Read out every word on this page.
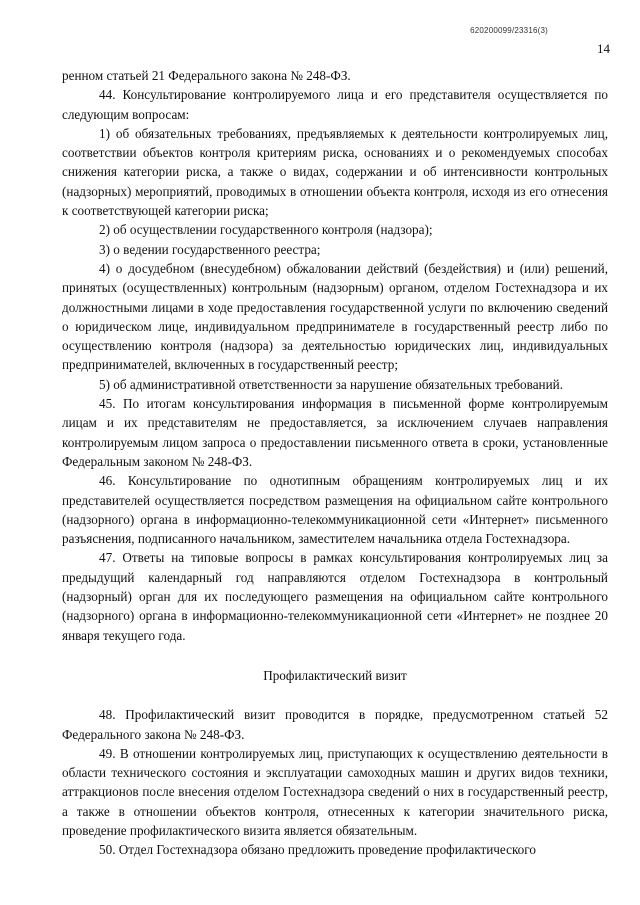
620200099/23316(3)
14

ренном статьей 21 Федерального закона № 248-ФЗ.

44. Консультирование контролируемого лица и его представителя осуществляется по следующим вопросам:

1) об обязательных требованиях, предъявляемых к деятельности контролируемых лиц, соответствии объектов контроля критериям риска, основаниях и о рекомендуемых способах снижения категории риска, а также о видах, содержании и об интенсивности контрольных (надзорных) мероприятий, проводимых в отношении объекта контроля, исходя из его отнесения к соответствующей категории риска;

2) об осуществлении государственного контроля (надзора);

3) о ведении государственного реестра;

4) о досудебном (внесудебном) обжаловании действий (бездействия) и (или) решений, принятых (осуществленных) контрольным (надзорным) органом, отделом Гостехнадзора и их должностными лицами в ходе предоставления государственной услуги по включению сведений о юридическом лице, индивидуальном предпринимателе в государственный реестр либо по осуществлению контроля (надзора) за деятельностью юридических лиц, индивидуальных предпринимателей, включенных в государственный реестр;

5) об административной ответственности за нарушение обязательных требований.

45. По итогам консультирования информация в письменной форме контролируемым лицам и их представителям не предоставляется, за исключением случаев направления контролируемым лицом запроса о предоставлении письменного ответа в сроки, установленные Федеральным законом № 248-ФЗ.

46. Консультирование по однотипным обращениям контролируемых лиц и их представителей осуществляется посредством размещения на официальном сайте контрольного (надзорного) органа в информационно-телекоммуникационной сети «Интернет» письменного разъяснения, подписанного начальником, заместителем начальника отдела Гостехнадзора.

47. Ответы на типовые вопросы в рамках консультирования контролируемых лиц за предыдущий календарный год направляются отделом Гостехнадзора в контрольный (надзорный) орган для их последующего размещения на официальном сайте контрольного (надзорного) органа в информационно-телекоммуникационной сети «Интернет» не позднее 20 января текущего года.

Профилактический визит

48. Профилактический визит проводится в порядке, предусмотренном статьей 52 Федерального закона № 248-ФЗ.

49. В отношении контролируемых лиц, приступающих к осуществлению деятельности в области технического состояния и эксплуатации самоходных машин и других видов техники, аттракционов после внесения отделом Гостехнадзора сведений о них в государственный реестр, а также в отношении объектов контроля, отнесенных к категории значительного риска, проведение профилактического визита является обязательным.

50. Отдел Гостехнадзора обязано предложить проведение профилактического
